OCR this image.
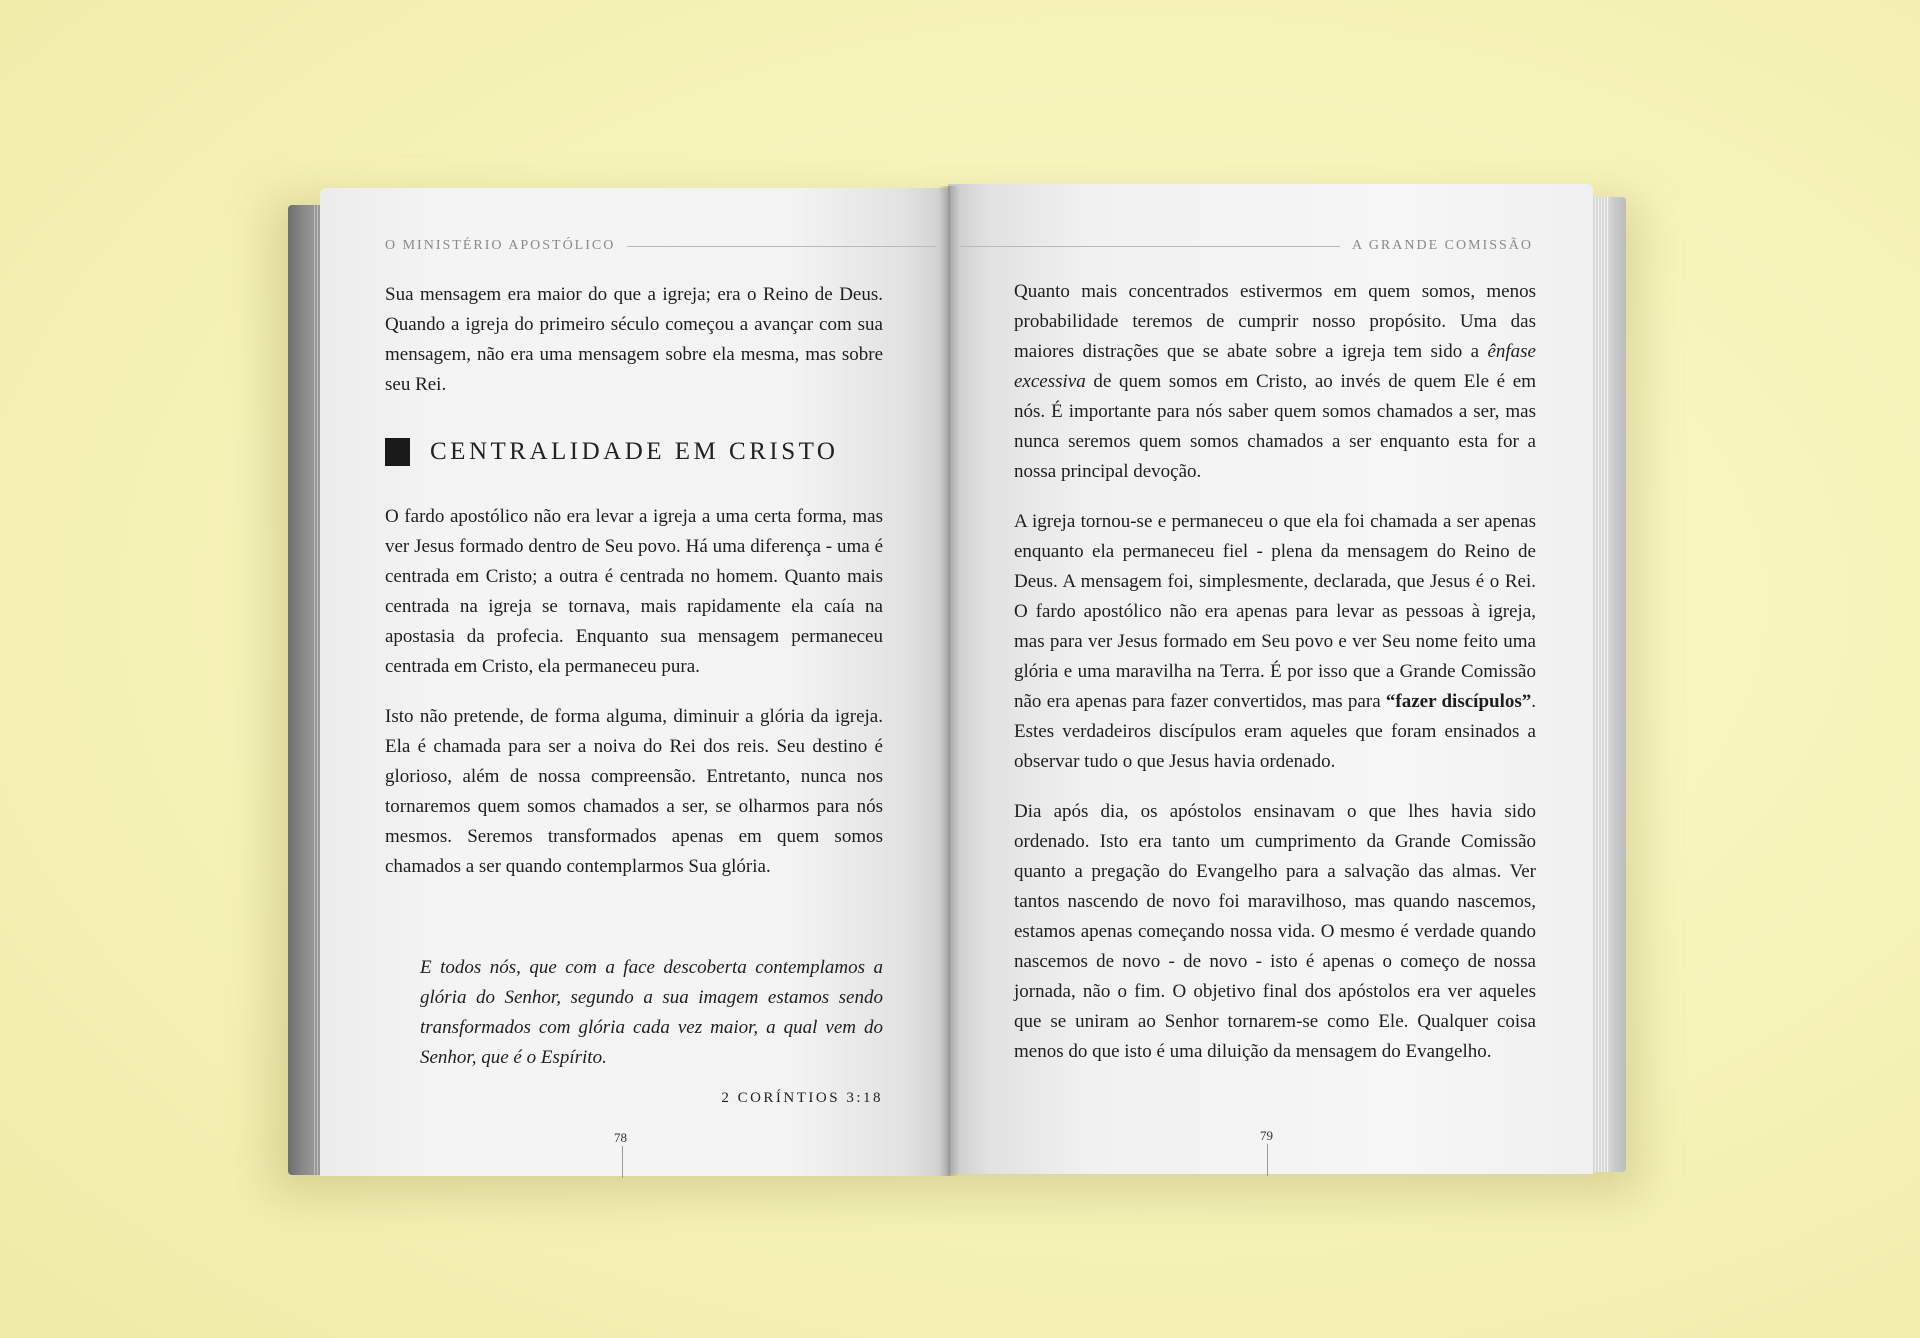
O MINISTÉRIO APOSTÓLICO

Sua mensagem era maior do que a igreja; era o Reino de Deus. Quando a igreja do primeiro século começou a avançar com sua mensagem, não era uma mensagem sobre ela mesma, mas sobre seu Rei.

CENTRALIDADE EM CRISTO

O fardo apostólico não era levar a igreja a uma certa forma, mas ver Jesus formado dentro de Seu povo. Há uma diferença - uma é centrada em Cristo; a outra é centrada no homem. Quanto mais centrada na igreja se tornava, mais rapidamente ela caía na apostasia da profecia. Enquanto sua mensagem permaneceu centrada em Cristo, ela permaneceu pura.

Isto não pretende, de forma alguma, diminuir a glória da igreja. Ela é chamada para ser a noiva do Rei dos reis. Seu destino é glorioso, além de nossa compreensão. Entretanto, nunca nos tornaremos quem somos chamados a ser, se olharmos para nós mesmos. Seremos transformados apenas em quem somos chamados a ser quando contemplarmos Sua glória.

E todos nós, que com a face descoberta contemplamos a glória do Senhor, segundo a sua imagem estamos sendo transformados com glória cada vez maior, a qual vem do Senhor, que é o Espírito.
2 CORÍNTIOS 3:18
78
A GRANDE COMISSÃO

Quanto mais concentrados estivermos em quem somos, menos probabilidade teremos de cumprir nosso propósito. Uma das maiores distrações que se abate sobre a igreja tem sido a ênfase excessiva de quem somos em Cristo, ao invés de quem Ele é em nós. É importante para nós saber quem somos chamados a ser, mas nunca seremos quem somos chamados a ser enquanto esta for a nossa principal devoção.

A igreja tornou-se e permaneceu o que ela foi chamada a ser apenas enquanto ela permaneceu fiel - plena da mensagem do Reino de Deus. A mensagem foi, simplesmente, declarada, que Jesus é o Rei. O fardo apostólico não era apenas para levar as pessoas à igreja, mas para ver Jesus formado em Seu povo e ver Seu nome feito uma glória e uma maravilha na Terra. É por isso que a Grande Comissão não era apenas para fazer convertidos, mas para “fazer discípulos”. Estes verdadeiros discípulos eram aqueles que foram ensinados a observar tudo o que Jesus havia ordenado.

Dia após dia, os apóstolos ensinavam o que lhes havia sido ordenado. Isto era tanto um cumprimento da Grande Comissão quanto a pregação do Evangelho para a salvação das almas. Ver tantos nascendo de novo foi maravilhoso, mas quando nascemos, estamos apenas começando nossa vida. O mesmo é verdade quando nascemos de novo - de novo - isto é apenas o começo de nossa jornada, não o fim. O objetivo final dos apóstolos era ver aqueles que se uniram ao Senhor tornarem-se como Ele. Qualquer coisa menos do que isto é uma diluição da mensagem do Evangelho.

79
